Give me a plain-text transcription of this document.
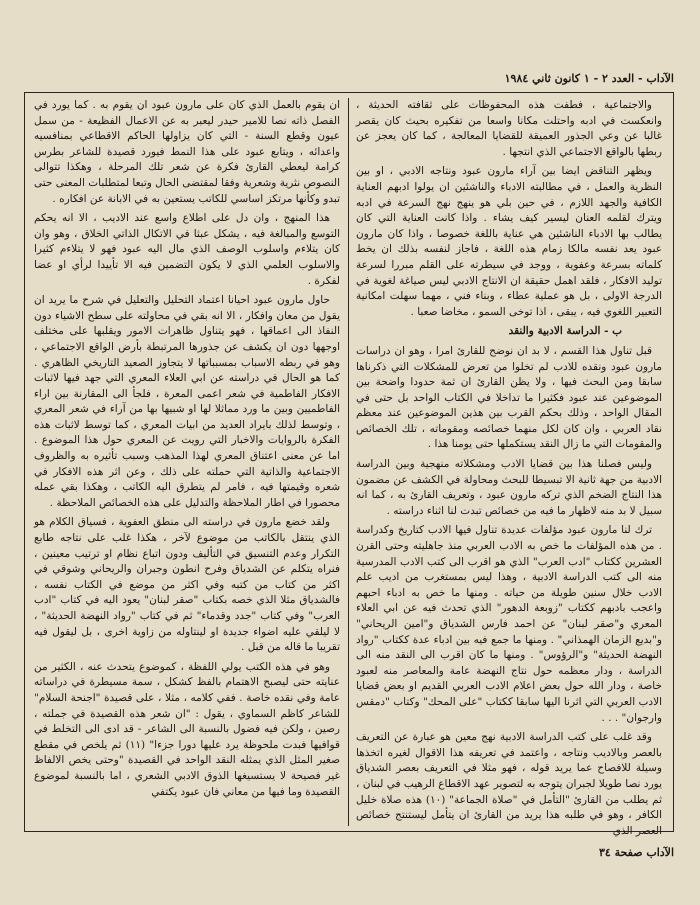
الآداب - العدد ٢ - ١ كانون ثاني ١٩٨٤

والاجتماعية ، فطفت هذه المحفوظات على ثقافته الحديثة ، وانعكست في ادبه واحتلت مكانا واسعا من تفكيره بحيث كان يقصر غالبا عن وعي الجذور العميقة للقضايا المعالجة ، كما كان يعجز عن ربطها بالواقع الاجتماعي الذي انتجها .

ويظهر التناقض ايضا بين آراء مارون عبود ونتاجه الادبي ، او بين النظرية والعمل ، في مطالبته الادباء والناشئين ان يولوا ادبهم العناية الكافية والجهد اللازم ، في حين بلي هو ينهج نهج السرعة في ادبه ويترك لقلمه العنان ليسير كيف يشاء . واذا كانت العناية التي كان يطالب بها الادباء الناشئين هي عناية باللغة خصوصا ، واذا كان مارون عبود يعد نفسه مالكا زمام هذه اللغة ، فاجاز لنفسه بذلك ان يخط كلماته بسرعة وعفوية ، ووجد في سيطرته على القلم مبررا لسرعة توليد الافكار ، فلقد اهمل حقيقة ان الانتاج الادبي ليس صياغة لغوية في الدرجة الاولى ، بل هو عملية عطاء ، وبناء فني ، مهما سهلت امكانية التعبير اللغوي فيه ، يبقى ، اذا توخى السمو ، مخاضا صعبا .

ب - الدراسة الادبية والنقد

قبل تناول هذا القسم ، لا بد ان نوضح للقارئ امرا ، وهو ان دراسات مارون عبود ونقده للادب لم تخلوا من تعرض للمشكلات التي ذكرناها سابقا ومن البحث فيها ، ولا يظن القارئ ان ثمة حدودا واضحة بين الموضوعين عند عبود فكثيرا ما تداخلا في الكتاب الواحد بل حتى في المقال الواحد ، وذلك بحكم القرب بين هذين الموضوعين عند معظم نقاد العربي ، وان كان لكل منهما خصائصه ومقوماته ، تلك الخصائص والمقومات التي ما زال النقد يستكملها حتى يومنا هذا .

وليس فصلنا هذا بين قضايا الادب ومشكلاته منهجية وبين الدراسة الادبية من جهة ثانية الا تبسيطا للبحث ومحاولة في الكشف عن مضمون هذا النتاج الضخم الذي تركه مارون عبود ، وتعريف القارئ به ، كما انه سبيل لا بد منه لاظهار ما فيه من خصائص تبدت لنا اثناء دراسته .

ترك لنا مارون عبود مؤلفات عديدة تناول فيها الادب كتاريخ وكدراسة . من هذه المؤلفات ما خص به الادب العربي منذ جاهليته وحتى القرن العشرين ككتاب "ادب العرب" الذي هو اقرب الى كتب الادب المدرسية منه الى كتب الدراسة الادبية ، وهذا ليس بمستغرب من اديب علم الادب خلال سنين طويلة من حياته . ومنها ما خص به ادباء احبهم واعجب بادبهم ككتاب "زوبعة الدهور" الذي تحدث فيه عن ابي العلاء المعري و"صقر لبنان" عن احمد فارس الشدياق و"امين الريحاني" و"بديع الزمان الهمذاني" . ومنها ما جمع فيه بين ادباء عدة ككتاب "رواد النهضة الحديثة" و"الرؤوس" . ومنها ما كان اقرب الى النقد منه الى الدراسة ، ودار معظمه حول نتاج النهضة عامة والمعاصر منه لعبود خاصة ، ودار الله حول بعض اعلام الادب العربي القديم او بعض قضايا الادب العربي التي اثرنا اليها سابقا ككتاب "على المحك" وكتاب "دمقس وارجوان" . . .

وقد غلب على كتب الدراسة الادبية نهج معين هو عبارة عن التعريف بالعصر وبالاديب ونتاجه ، واعتمد في تعريفه هذا الاقوال لغيره اتخذها وسيلة للافصاح عما يريد قوله ، فهو مثلا في التعريف بعصر الشدياق يورد نصا طويلا لجبران يتوجه به لتصوير عهد الاقطاع الرهيب في لبنان ، ثم يطلب من القارئ "التأمل في "صلاة الجماعة" (١٠) هذه صلاة خليل الكافر ، وهو في طلبه هذا يريد من القارئ ان يتأمل ليستنتج خصائص العصر الذي

ان يقوم بالعمل الذي كان على مارون عبود ان يقوم به . كما يورد في الفصل ذاته نصا للامير حيدر ليعبر به عن الاعمال الفظيعة - من سمل عيون وقطع السنة - التي كان يزاولها الحاكم الاقطاعي بمنافسيه واعدائه ، ويتابع عبود على هذا النمط فيورد قصيدة للشاعر بطرس كرامة ليعطي القارئ فكرة عن شعر تلك المرحلة ، وهكذا تتوالى النصوص نثرية وشعرية وفقا لمقتضى الحال وتبعا لمتطلبات المعنى حتى تبدو وكأنها مرتكز اساسي للكاتب يستعين به في الابانة عن افكاره .

هذا المنهج ، وان دل على اطلاع واسع عند الاديب ، الا انه يحكم التوسع والمبالغة فيه ، يشكل عبثا في الاتكال الذاتي الخلاق ، وهو وان كان يتلاءم واسلوب الوصف الذي مال اليه عبود فهو لا يتلاءم كثيرا والاسلوب العلمي الذي لا يكون التضمين فيه الا تأييدا لرأي او عضا لفكرة .

حاول مارون عبود احيانا اعتماد التحليل والتعليل في شرح ما يريد ان يقول من معان وافكار ، الا انه بقي في محاولته على سطح الاشياء دون النفاذ الى اعماقها ، فهو يتناول ظاهرات الامور ويقلبها على مختلف اوجهها دون ان يكشف عن جذورها المرتبطة بأرض الواقع الاجتماعي ، وهو في ربطه الاسباب بمسبباتها لا يتجاوز الصعيد التاريخي الظاهري . كما هو الحال في دراسته عن ابي العلاء المعري التي جهد فيها لاثبات الافكار الفاطمية في شعر اعمى المعرة ، فلجأ الى المقارنة بين اراء الفاطميين وبين ما ورد مماثلا لها او شبيها بها من آراء في شعر المعري ، وتوسط لذلك بايراد العديد من ابيات المعري ، كما توسط لاثبات هذه الفكرة بالروايات والاخبار التي رويت عن المعري حول هذا الموضوع . اما عن معنى اعتناق المعري لهذا المذهب وسبب تأثيره به والظروف الاجتماعية والذاتية التي حملته على ذلك ، وعن اثر هذه الافكار في شعره وقيمتها فيه ، فامر لم يتطرق اليه الكاتب ، وهكذا بقي عمله محصورا في اطار الملاحظة والتدليل على هذه الخصائص الملاحظة .

ولقد خضع مارون في دراسته الى منطق العفوية ، فسياق الكلام هو الذي ينتقل بالكاتب من موضوع لآخر ، هكذا غلب على نتاجه طابع التكرار وعدم التنسيق في التأليف ودون اتباع نظام او ترتيب معينين ، فنراه يتكلم عن الشدياق وفرح انطون وجبران والريحاني وشوقي في اكثر من كتاب من كتبه وفي اكثر من موضع في الكتاب نفسه ، فالشدياق مثلا الذي خصه بكتاب "صقر لبنان" يعود اليه في كتاب "ادب العرب" وفي كتاب "جدد وقدماء" ثم في كتاب "رواد النهضة الحديثة" ، لا ليلقي عليه اضواء جديدة او لينتاوله من زاوية اخرى ، بل ليقول فيه تقريبا ما قاله من قبل .

وهو في هذه الكتب يولي اللفظة ، كموضوع يتحدث عنه ، الكثير من عنايته حتى ليصبح الاهتمام بالفظ كشكل ، سمة مسيطرة في دراساته عامة وفي نقده خاصة . ففي كلامه ، مثلا ، على قصيدة "اجنحة السلام" للشاعر كاظم السماوي ، يقول : "ان شعر هذه القصيدة في جملته ، رصين ، ولكن فيه فضول بالنسبة الى الشاعر - قد ادى الى التخلط في قوافيها فبدت ملحوظة يرد عليها دورا جزءا" (١١) ثم يلخص في مقطع صغير المثل الذي يمثله النقد الواحد في القصيدة "وحتى يخص الالفاظ غير فصيحة لا يستسيغها الذوق الادبي الشعري ، اما بالنسبة لموضوع القصيدة وما فيها من معاني فان عبود يكتفي

الآداب صفحة ٣٤
